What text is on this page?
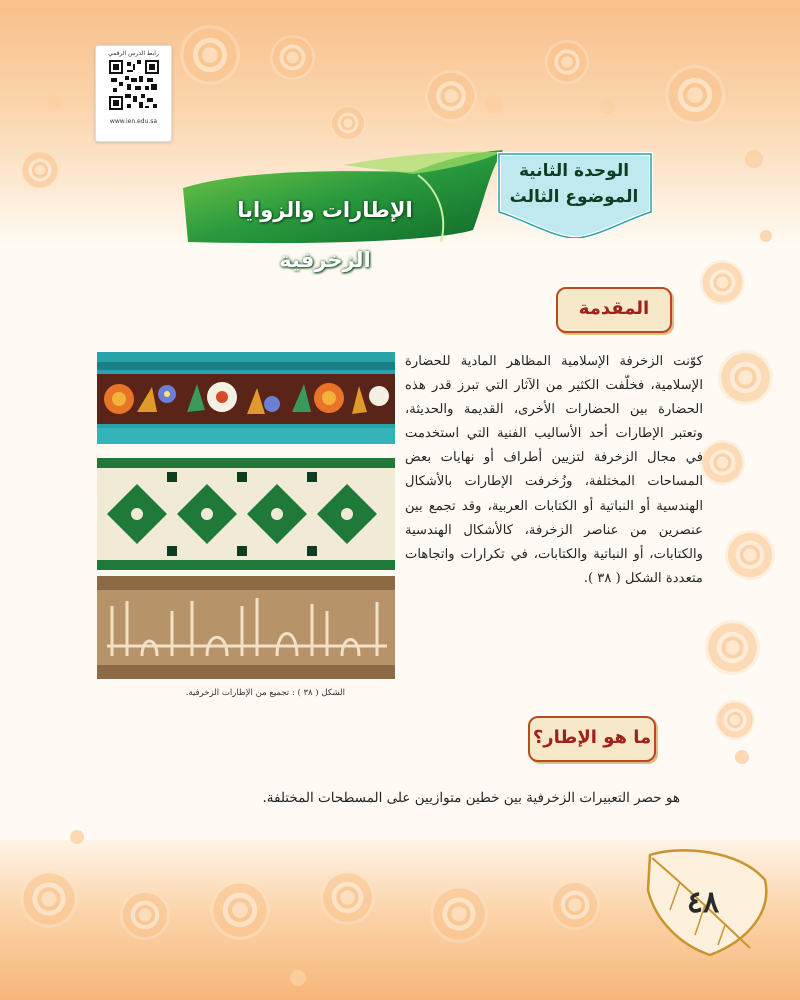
رابط الدرس الرقمي
www.ien.edu.sa
الإطارات والزوايا الزخرفية
الوحدة الثانية
الموضوع الثالث
المقدمة
الشكل ( ٣٨ ) : تجميع من الإطارات الزخرفية.
كوّنت الزخرفة الإسلامية المظاهر المادية للحضارة الإسلامية، فخلّفت الكثير من الآثار التي تبرز قدر هذه الحضارة بين الحضارات الأخرى، القديمة والحديثة، وتعتبر الإطارات أحد الأساليب الفنية التي استخدمت في مجال الزخرفة لتزيين أطراف أو نهايات بعض المساحات المختلفة، وزُخرفت الإطارات بالأشكال الهندسية أو النباتية أو الكتابات العربية، وقد تجمع بين عنصرين من عناصر الزخرفة، كالأشكال الهندسية والكتابات، أو النباتية والكتابات، في تكرارات واتجاهات متعددة الشكل ( ٣٨ ).
ما هو الإطار؟
هو حصر التعبيرات الزخرفية بين خطين متوازيين على المسطحات المختلفة.
٤٨
